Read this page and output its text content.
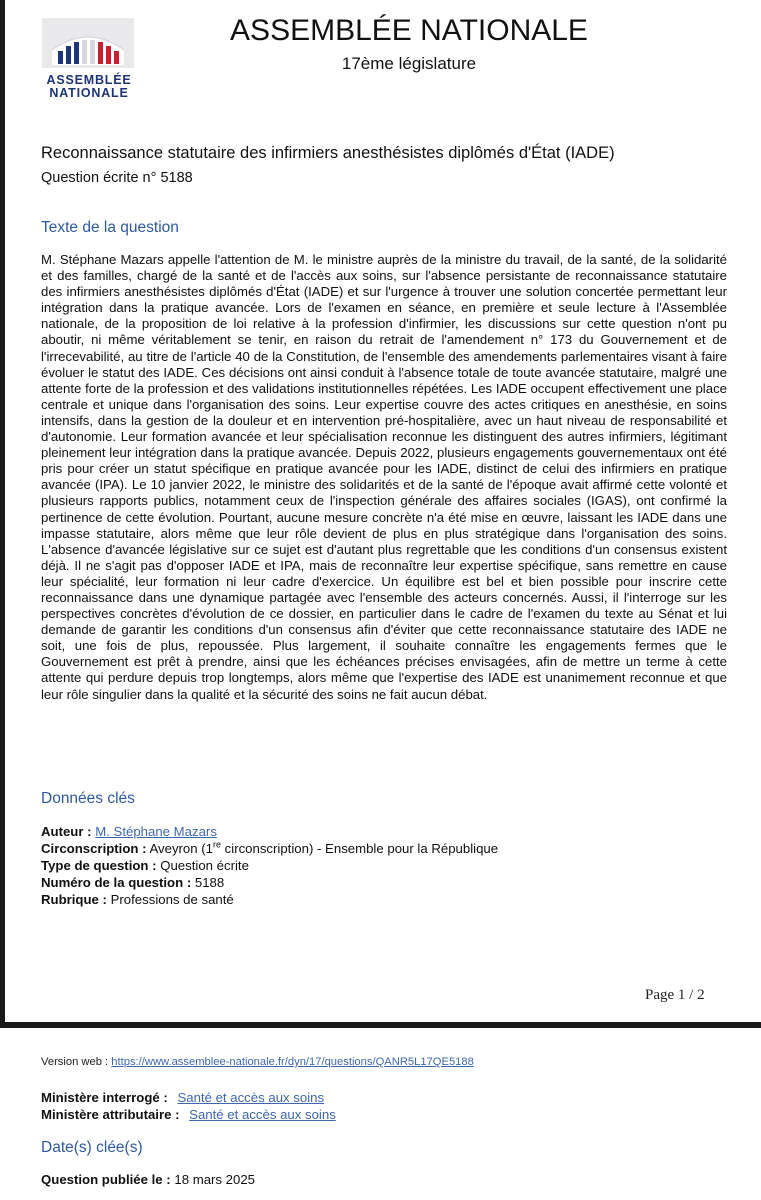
ASSEMBLÉE
NATIONALE
ASSEMBLÉE NATIONALE
17ème législature
Reconnaissance statutaire des infirmiers anesthésistes diplômés d'État (IADE)
Question écrite n° 5188
Texte de la question

M. Stéphane Mazars appelle l'attention de M. le ministre auprès de la ministre du travail, de la santé, de la solidarité et des familles, chargé de la santé et de l'accès aux soins, sur l'absence persistante de reconnaissance statutaire des infirmiers anesthésistes diplômés d'État (IADE) et sur l'urgence à trouver une solution concertée permettant leur intégration dans la pratique avancée. Lors de l'examen en séance, en première et seule lecture à l'Assemblée nationale, de la proposition de loi relative à la profession d'infirmier, les discussions sur cette question n'ont pu aboutir, ni même véritablement se tenir, en raison du retrait de l'amendement n° 173 du Gouvernement et de l'irrecevabilité, au titre de l'article 40 de la Constitution, de l'ensemble des amendements parlementaires visant à faire évoluer le statut des IADE. Ces décisions ont ainsi conduit à l'absence totale de toute avancée statutaire, malgré une attente forte de la profession et des validations institutionnelles répétées. Les IADE occupent effectivement une place centrale et unique dans l'organisation des soins. Leur expertise couvre des actes critiques en anesthésie, en soins intensifs, dans la gestion de la douleur et en intervention pré-hospitalière, avec un haut niveau de responsabilité et d'autonomie. Leur formation avancée et leur spécialisation reconnue les distinguent des autres infirmiers, légitimant pleinement leur intégration dans la pratique avancée. Depuis 2022, plusieurs engagements gouvernementaux ont été pris pour créer un statut spécifique en pratique avancée pour les IADE, distinct de celui des infirmiers en pratique avancée (IPA). Le 10 janvier 2022, le ministre des solidarités et de la santé de l'époque avait affirmé cette volonté et plusieurs rapports publics, notamment ceux de l'inspection générale des affaires sociales (IGAS), ont confirmé la pertinence de cette évolution. Pourtant, aucune mesure concrète n'a été mise en œuvre, laissant les IADE dans une impasse statutaire, alors même que leur rôle devient de plus en plus stratégique dans l'organisation des soins. L'absence d'avancée législative sur ce sujet est d'autant plus regrettable que les conditions d'un consensus existent déjà. Il ne s'agit pas d'opposer IADE et IPA, mais de reconnaître leur expertise spécifique, sans remettre en cause leur spécialité, leur formation ni leur cadre d'exercice. Un équilibre est bel et bien possible pour inscrire cette reconnaissance dans une dynamique partagée avec l'ensemble des acteurs concernés. Aussi, il l'interroge sur les perspectives concrètes d'évolution de ce dossier, en particulier dans le cadre de l'examen du texte au Sénat et lui demande de garantir les conditions d'un consensus afin d'éviter que cette reconnaissance statutaire des IADE ne soit, une fois de plus, repoussée. Plus largement, il souhaite connaître les engagements fermes que le Gouvernement est prêt à prendre, ainsi que les échéances précises envisagées, afin de mettre un terme à cette attente qui perdure depuis trop longtemps, alors même que l'expertise des IADE est unanimement reconnue et que leur rôle singulier dans la qualité et la sécurité des soins ne fait aucun débat.

Données clés
Auteur : M. Stéphane Mazars
Circonscription : Aveyron (1re circonscription) - Ensemble pour la République
Type de question : Question écrite
Numéro de la question : 5188
Rubrique : Professions de santé
Page 1 / 2
Version web : https://www.assemblee-nationale.fr/dyn/17/questions/QANR5L17QE5188
Ministère interrogé : Santé et accès aux soins
Ministère attributaire : Santé et accès aux soins
Date(s) clée(s)
Question publiée le : 18 mars 2025
